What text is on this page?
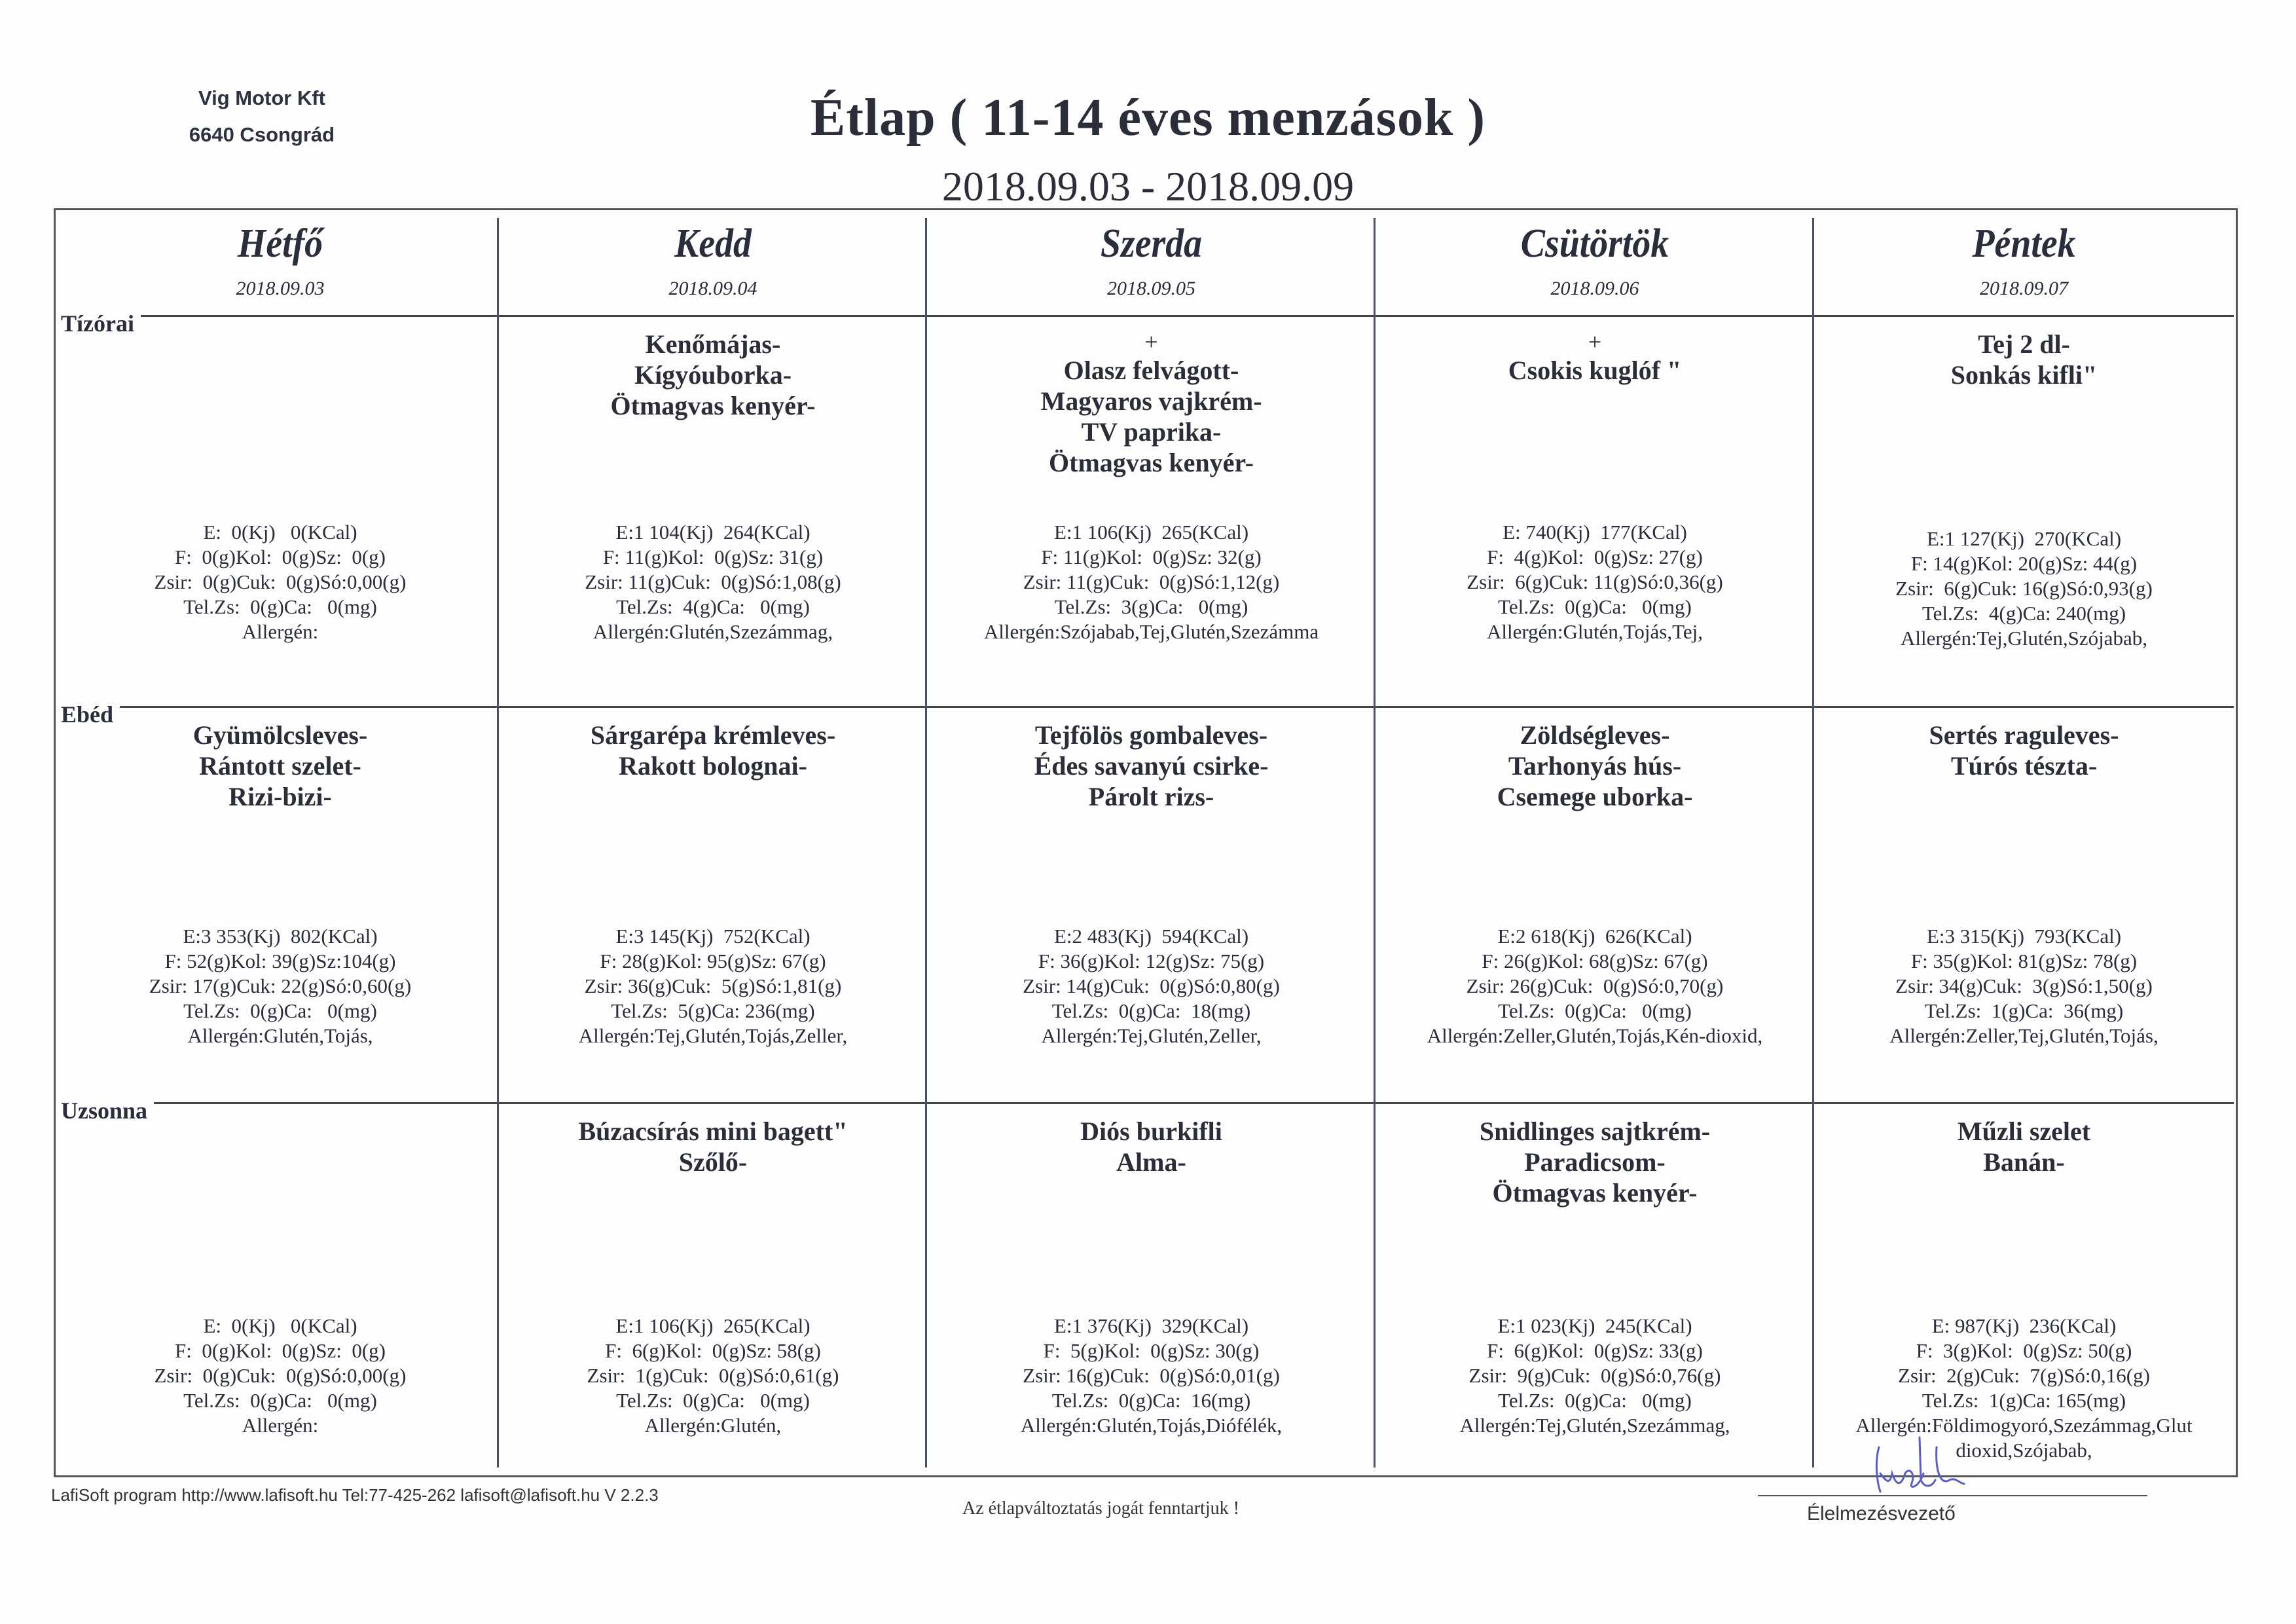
Vig Motor Kft
6640 Csongrád	Étlap ( 11-14 éves menzások )
2018.09.03 - 2018.09.09
Hétfő
2018.09.03
E:  0(Kj)   0(KCal)
F:  0(g)Kol:  0(g)Sz:  0(g)
Zsir:  0(g)Cuk:  0(g)Só:0,00(g)
Tel.Zs:  0(g)Ca:   0(mg)
Allergén:
Gyümölcsleves-
Rántott szelet-
Rizi-bizi-
E:3 353(Kj)  802(KCal)
F: 52(g)Kol: 39(g)Sz:104(g)
Zsir: 17(g)Cuk: 22(g)Só:0,60(g)
Tel.Zs:  0(g)Ca:   0(mg)
Allergén:Glutén,Tojás,
E:  0(Kj)   0(KCal)
F:  0(g)Kol:  0(g)Sz:  0(g)
Zsir:  0(g)Cuk:  0(g)Só:0,00(g)
Tel.Zs:  0(g)Ca:   0(mg)
Allergén:
Kedd
2018.09.04
Kenőmájas-
Kígyóuborka-
Ötmagvas kenyér-
E:1 104(Kj)  264(KCal)
F: 11(g)Kol:  0(g)Sz: 31(g)
Zsir: 11(g)Cuk:  0(g)Só:1,08(g)
Tel.Zs:  4(g)Ca:   0(mg)
Allergén:Glutén,Szezámmag,
Sárgarépa krémleves-
Rakott bolognai-
E:3 145(Kj)  752(KCal)
F: 28(g)Kol: 95(g)Sz: 67(g)
Zsir: 36(g)Cuk:  5(g)Só:1,81(g)
Tel.Zs:  5(g)Ca: 236(mg)
Allergén:Tej,Glutén,Tojás,Zeller,
Búzacsírás mini bagett"
Szőlő-
E:1 106(Kj)  265(KCal)
F:  6(g)Kol:  0(g)Sz: 58(g)
Zsir:  1(g)Cuk:  0(g)Só:0,61(g)
Tel.Zs:  0(g)Ca:   0(mg)
Allergén:Glutén,
Szerda
2018.09.05
+
Olasz felvágott-
Magyaros vajkrém-
TV paprika-
Ötmagvas kenyér-
E:1 106(Kj)  265(KCal)
F: 11(g)Kol:  0(g)Sz: 32(g)
Zsir: 11(g)Cuk:  0(g)Só:1,12(g)
Tel.Zs:  3(g)Ca:   0(mg)
Allergén:Szójabab,Tej,Glutén,Szezámma
Tejfölös gombaleves-
Édes savanyú csirke-
Párolt rizs-
E:2 483(Kj)  594(KCal)
F: 36(g)Kol: 12(g)Sz: 75(g)
Zsir: 14(g)Cuk:  0(g)Só:0,80(g)
Tel.Zs:  0(g)Ca:  18(mg)
Allergén:Tej,Glutén,Zeller,
Diós burkifli
Alma-
E:1 376(Kj)  329(KCal)
F:  5(g)Kol:  0(g)Sz: 30(g)
Zsir: 16(g)Cuk:  0(g)Só:0,01(g)
Tel.Zs:  0(g)Ca:  16(mg)
Allergén:Glutén,Tojás,Diófélék,
Csütörtök
2018.09.06
+
Csokis kuglóf "
E: 740(Kj)  177(KCal)
F:  4(g)Kol:  0(g)Sz: 27(g)
Zsir:  6(g)Cuk: 11(g)Só:0,36(g)
Tel.Zs:  0(g)Ca:   0(mg)
Allergén:Glutén,Tojás,Tej,
Zöldségleves-
Tarhonyás hús-
Csemege uborka-
E:2 618(Kj)  626(KCal)
F: 26(g)Kol: 68(g)Sz: 67(g)
Zsir: 26(g)Cuk:  0(g)Só:0,70(g)
Tel.Zs:  0(g)Ca:   0(mg)
Allergén:Zeller,Glutén,Tojás,Kén-dioxid,
Snidlinges sajtkrém-
Paradicsom-
Ötmagvas kenyér-
E:1 023(Kj)  245(KCal)
F:  6(g)Kol:  0(g)Sz: 33(g)
Zsir:  9(g)Cuk:  0(g)Só:0,76(g)
Tel.Zs:  0(g)Ca:   0(mg)
Allergén:Tej,Glutén,Szezámmag,
Péntek
2018.09.07
Tej 2 dl-
Sonkás kifli"
E:1 127(Kj)  270(KCal)
F: 14(g)Kol: 20(g)Sz: 44(g)
Zsir:  6(g)Cuk: 16(g)Só:0,93(g)
Tel.Zs:  4(g)Ca: 240(mg)
Allergén:Tej,Glutén,Szójabab,
Sertés raguleves-
Túrós tészta-
E:3 315(Kj)  793(KCal)
F: 35(g)Kol: 81(g)Sz: 78(g)
Zsir: 34(g)Cuk:  3(g)Só:1,50(g)
Tel.Zs:  1(g)Ca:  36(mg)
Allergén:Zeller,Tej,Glutén,Tojás,
Műzli szelet
Banán-
E: 987(Kj)  236(KCal)
F:  3(g)Kol:  0(g)Sz: 50(g)
Zsir:  2(g)Cuk:  7(g)Só:0,16(g)
Tel.Zs:  1(g)Ca: 165(mg)
Allergén:Földimogyoró,Szezámmag,Glut
dioxid,Szójabab,
Tízórai
Ebéd
Uzsonna
LafiSoft program http://www.lafisoft.hu Tel:77-425-262 lafisoft@lafisoft.hu V 2.2.3
Az étlapváltoztatás jogát fenntartjuk !	Élelmezésvezető
